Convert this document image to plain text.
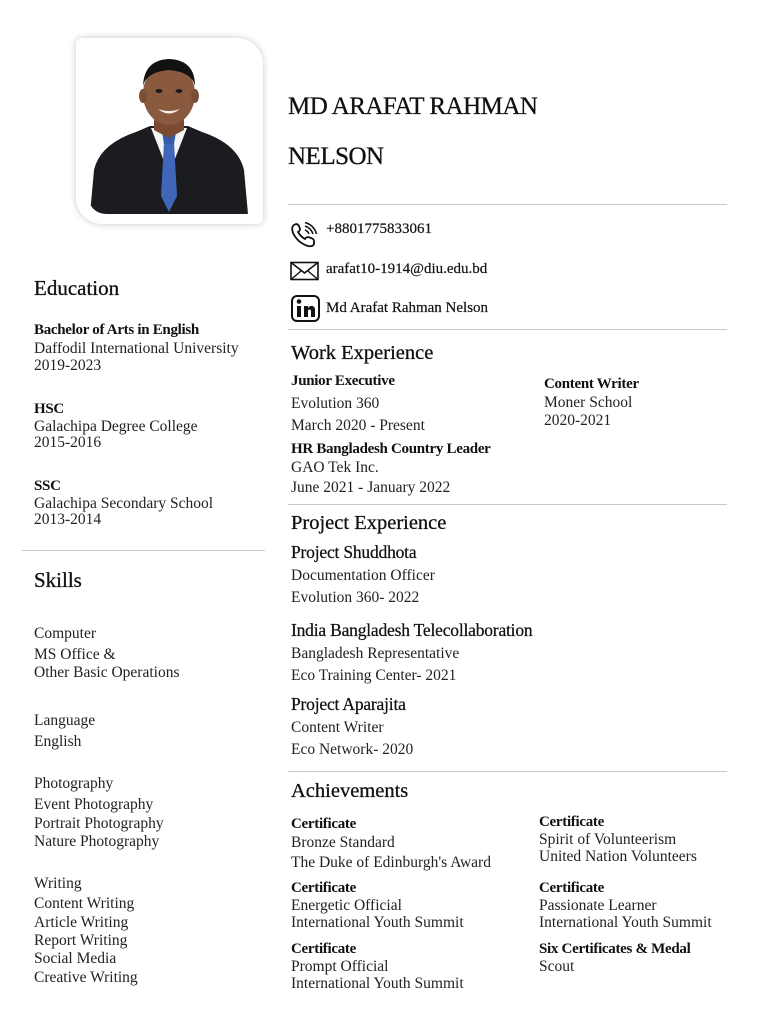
MD ARAFAT RAHMAN
NELSON
+8801775833061
arafat10-1914@diu.edu.bd
Md Arafat Rahman Nelson
Education
Bachelor of Arts in English
Daffodil International University
2019-2023
HSC
Galachipa Degree College
2015-2016
SSC
Galachipa Secondary School
2013-2014
Skills
Computer
MS Office &
Other Basic Operations
Language
English
Photography
Event Photography
Portrait Photography
Nature Photography
Writing
Content Writing
Article Writing
Report Writing
Social Media
Creative Writing
Work Experience
Junior Executive
Evolution 360
March 2020 - Present
HR Bangladesh Country Leader
GAO Tek Inc.
June 2021 - January 2022
Content Writer
Moner School
2020-2021
Project Experience
Project Shuddhota
Documentation Officer
Evolution 360- 2022
India Bangladesh Telecollaboration
Bangladesh Representative
Eco Training Center- 2021
Project Aparajita
Content Writer
Eco Network- 2020
Achievements
Certificate
Bronze Standard
The Duke of Edinburgh's Award
Certificate
Energetic Official
International Youth Summit
Certificate
Prompt Official
International Youth Summit
Certificate
Spirit of Volunteerism
United Nation Volunteers
Certificate
Passionate Learner
International Youth Summit
Six Certificates & Medal
Scout
